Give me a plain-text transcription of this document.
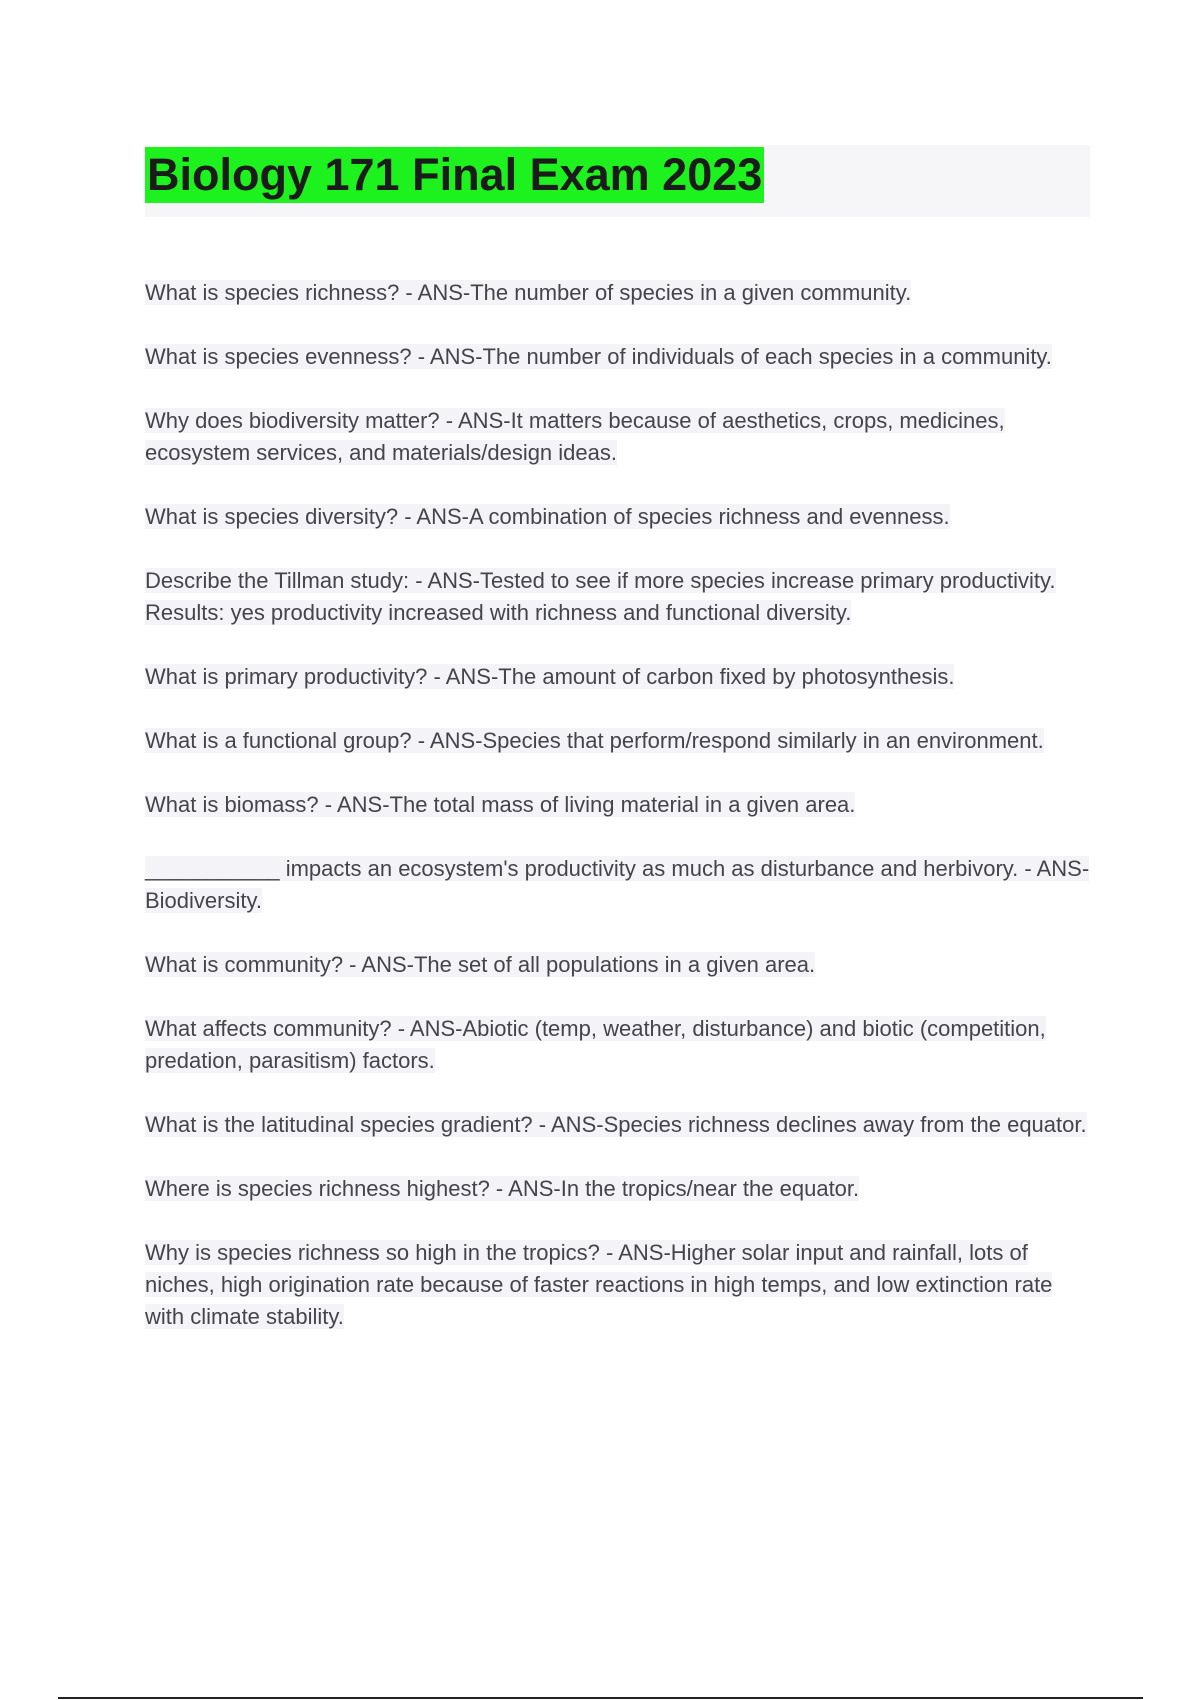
Biology 171 Final Exam 2023

What is species richness? - ANS-The number of species in a given community.

What is species evenness? - ANS-The number of individuals of each species in a community.

Why does biodiversity matter? - ANS-It matters because of aesthetics, crops, medicines, ecosystem services, and materials/design ideas.

What is species diversity? - ANS-A combination of species richness and evenness.

Describe the Tillman study: - ANS-Tested to see if more species increase primary productivity. Results: yes productivity increased with richness and functional diversity.

What is primary productivity? - ANS-The amount of carbon fixed by photosynthesis.

What is a functional group? - ANS-Species that perform/respond similarly in an environment.

What is biomass? - ANS-The total mass of living material in a given area.

___________ impacts an ecosystem's productivity as much as disturbance and herbivory. - ANS-Biodiversity.

What is community? - ANS-The set of all populations in a given area.

What affects community? - ANS-Abiotic (temp, weather, disturbance) and biotic (competition, predation, parasitism) factors.

What is the latitudinal species gradient? - ANS-Species richness declines away from the equator.

Where is species richness highest? - ANS-In the tropics/near the equator.

Why is species richness so high in the tropics? - ANS-Higher solar input and rainfall, lots of niches, high origination rate because of faster reactions in high temps, and low extinction rate with climate stability.
